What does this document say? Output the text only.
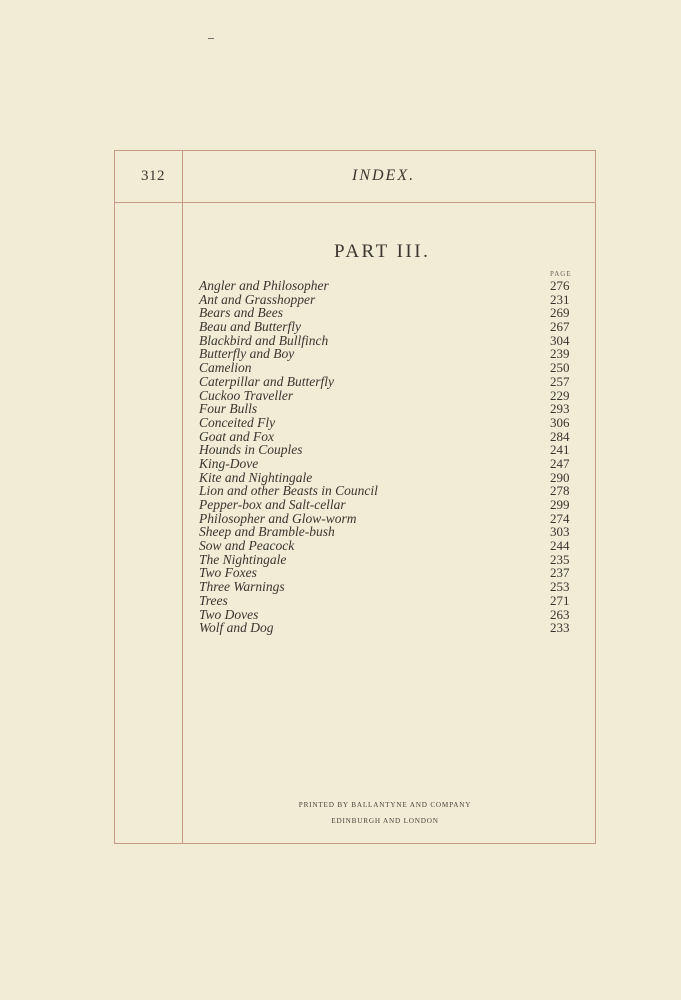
312	INDEX.
PART III.
PAGE
Angler and Philosopher	276
Ant and Grasshopper	231
Bears and Bees	269
Beau and Butterfly	267
Blackbird and Bullfinch	304
Butterfly and Boy	239
Camelion	250
Caterpillar and Butterfly	257
Cuckoo Traveller	229
Four Bulls	293
Conceited Fly	306
Goat and Fox	284
Hounds in Couples	241
King-Dove	247
Kite and Nightingale	290
Lion and other Beasts in Council	278
Pepper-box and Salt-cellar	299
Philosopher and Glow-worm	274
Sheep and Bramble-bush	303
Sow and Peacock	244
The Nightingale	235
Two Foxes	237
Three Warnings	253
Trees	271
Two Doves	263
Wolf and Dog	233
PRINTED BY BALLANTYNE AND COMPANY
EDINBURGH AND LONDON
